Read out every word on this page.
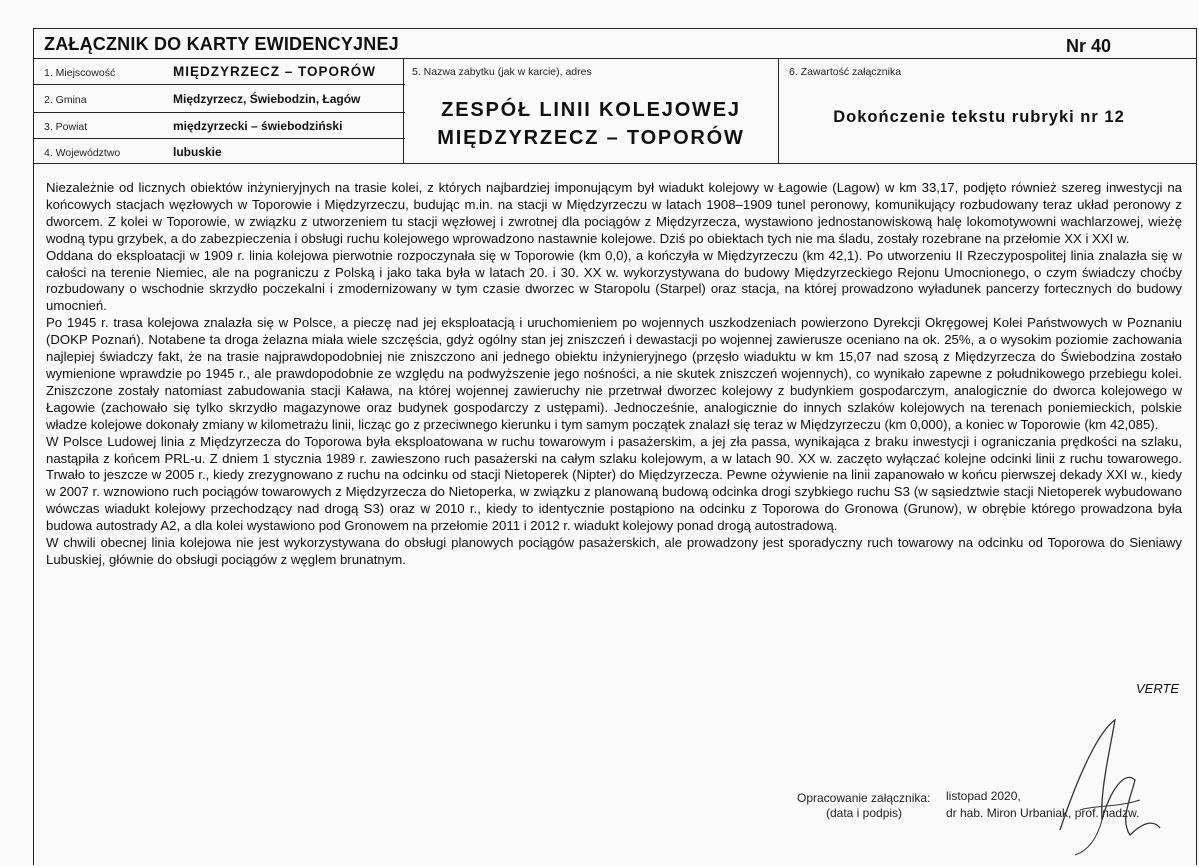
ZAŁĄCZNIK DO KARTY EWIDENCYJNEJ	Nr 40
1. Miejscowość	MIĘDZYRZECZ – TOPORÓW
2. Gmina	Międzyrzecz, Świebodzin, Łagów
3. Powiat	międzyrzecki – świebodziński
4. Województwo	lubuskie
5. Nazwa zabytku (jak w karcie), adres
ZESPÓŁ LINII KOLEJOWEJ
MIĘDZYRZECZ – TOPORÓW
6. Zawartość załącznika
Dokończenie tekstu rubryki nr 12

Niezależnie od licznych obiektów inżynieryjnych na trasie kolei, z których najbardziej imponującym był wiadukt kolejowy w Łagowie (Lagow) w km 33,17, podjęto również szereg inwestycji na końcowych stacjach węzłowych w Toporowie i Międzyrzeczu, budując m.in. na stacji w Międzyrzeczu w latach 1908–1909 tunel peronowy, komunikujący rozbudowany teraz układ peronowy z dworcem. Z kolei w Toporowie, w związku z utworzeniem tu stacji węzłowej i zwrotnej dla pociągów z Międzyrzecza, wystawiono jednostanowiskową halę lokomotywowni wachlarzowej, wieżę wodną typu grzybek, a do zabezpieczenia i obsługi ruchu kolejowego wprowadzono nastawnie kolejowe. Dziś po obiektach tych nie ma śladu, zostały rozebrane na przełomie XX i XXI w.

Oddana do eksploatacji w 1909 r. linia kolejowa pierwotnie rozpoczynała się w Toporowie (km 0,0), a kończyła w Międzyrzeczu (km 42,1). Po utworzeniu II Rzeczypospolitej linia znalazła się w całości na terenie Niemiec, ale na pograniczu z Polską i jako taka była w latach 20. i 30. XX w. wykorzystywana do budowy Międzyrzeckiego Rejonu Umocnionego, o czym świadczy choćby rozbudowany o wschodnie skrzydło poczekalni i zmodernizowany w tym czasie dworzec w Staropolu (Starpel) oraz stacja, na której prowadzono wyładunek pancerzy fortecznych do budowy umocnień.

Po 1945 r. trasa kolejowa znalazła się w Polsce, a pieczę nad jej eksploatacją i uruchomieniem po wojennych uszkodzeniach powierzono Dyrekcji Okręgowej Kolei Państwowych w Poznaniu (DOKP Poznań). Notabene ta droga żelazna miała wiele szczęścia, gdyż ogólny stan jej zniszczeń i dewastacji po wojennej zawierusze oceniano na ok. 25%, a o wysokim poziomie zachowania najlepiej świadczy fakt, że na trasie najprawdopodobniej nie zniszczono ani jednego obiektu inżynieryjnego (przęsło wiaduktu w km 15,07 nad szosą z Międzyrzecza do Świebodzina zostało wymienione wprawdzie po 1945 r., ale prawdopodobnie ze względu na podwyższenie jego nośności, a nie skutek zniszczeń wojennych), co wynikało zapewne z południkowego przebiegu kolei. Zniszczone zostały natomiast zabudowania stacji Kaława, na której wojennej zawieruchy nie przetrwał dworzec kolejowy z budynkiem gospodarczym, analogicznie do dworca kolejowego w Łagowie (zachowało się tylko skrzydło magazynowe oraz budynek gospodarczy z ustępami). Jednocześnie, analogicznie do innych szlaków kolejowych na terenach poniemieckich, polskie władze kolejowe dokonały zmiany w kilometrażu linii, licząc go z przeciwnego kierunku i tym samym początek znalazł się teraz w Międzyrzeczu (km 0,000), a koniec w Toporowie (km 42,085).

W Polsce Ludowej linia z Międzyrzecza do Toporowa była eksploatowana w ruchu towarowym i pasażerskim, a jej zła passa, wynikająca z braku inwestycji i ograniczania prędkości na szlaku, nastąpiła z końcem PRL-u. Z dniem 1 stycznia 1989 r. zawieszono ruch pasażerski na całym szlaku kolejowym, a w latach 90. XX w. zaczęto wyłączać kolejne odcinki linii z ruchu towarowego. Trwało to jeszcze w 2005 r., kiedy zrezygnowano z ruchu na odcinku od stacji Nietoperek (Nipter) do Międzyrzecza. Pewne ożywienie na linii zapanowało w końcu pierwszej dekady XXI w., kiedy w 2007 r. wznowiono ruch pociągów towarowych z Międzyrzecza do Nietoperka, w związku z planowaną budową odcinka drogi szybkiego ruchu S3 (w sąsiedztwie stacji Nietoperek wybudowano wówczas wiadukt kolejowy przechodzący nad drogą S3) oraz w 2010 r., kiedy to identycznie postąpiono na odcinku z Toporowa do Gronowa (Grunow), w obrębie którego prowadzona była budowa autostrady A2, a dla kolei wystawiono pod Gronowem na przełomie 2011 i 2012 r. wiadukt kolejowy ponad drogą autostradową.

W chwili obecnej linia kolejowa nie jest wykorzystywana do obsługi planowych pociągów pasażerskich, ale prowadzony jest sporadyczny ruch towarowy na odcinku od Toporowa do Sieniawy Lubuskiej, głównie do obsługi pociągów z węglem brunatnym.

VERTE
Opracowanie załącznika:
(data i podpis)
listopad 2020,
dr hab. Miron Urbaniak, prof. nadzw.
